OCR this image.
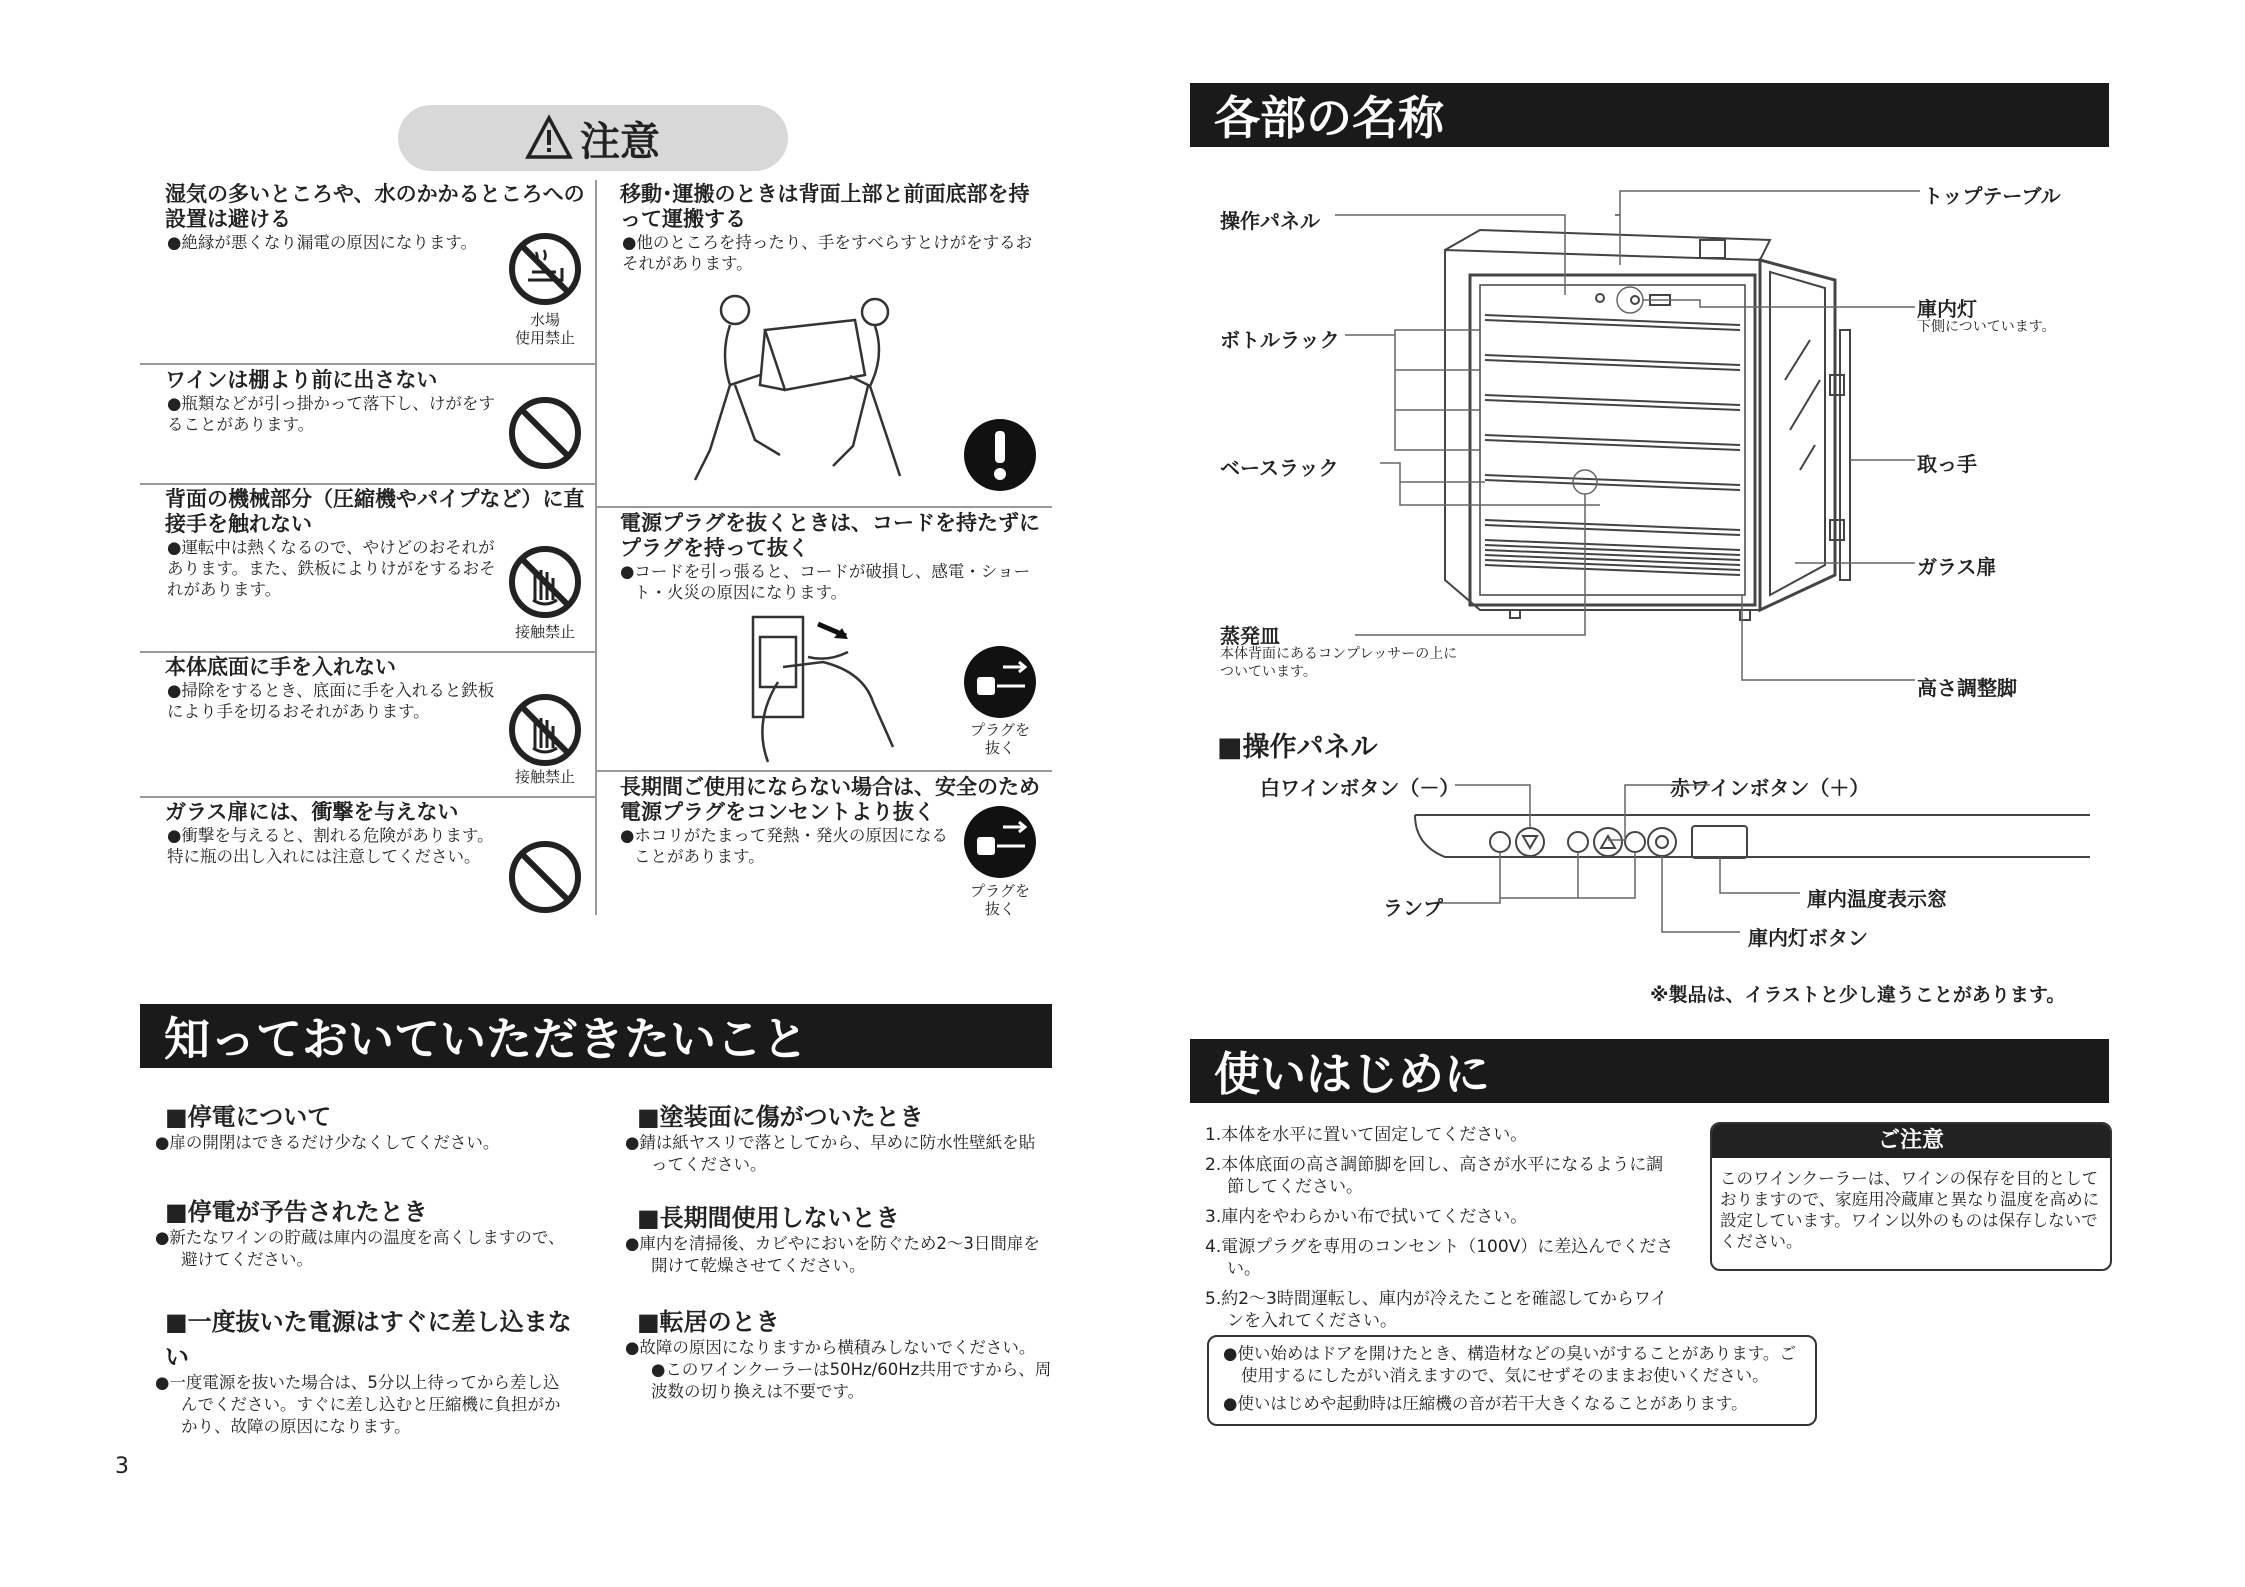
注意
湿気の多いところや、水のかかるところへの設置は避ける
●絶縁が悪くなり漏電の原因になります。
水場
使用禁止
ワインは棚より前に出さない
●瓶類などが引っ掛かって落下し、けがをすることがあります。
背面の機械部分（圧縮機やパイプなど）に直接手を触れない
●運転中は熱くなるので、やけどのおそれがあります。また、鉄板によりけがをするおそれがあります。
接触禁止
本体底面に手を入れない
●掃除をするとき、底面に手を入れると鉄板により手を切るおそれがあります。
接触禁止
ガラス扉には、衝撃を与えない
●衝撃を与えると、割れる危険があります。特に瓶の出し入れには注意してください。
移動･運搬のときは背面上部と前面底部を持って運搬する
●他のところを持ったり、手をすべらすとけがをするおそれがあります。
電源プラグを抜くときは、コードを持たずにプラグを持って抜く
●コードを引っ張ると、コードが破損し、感電・ショート・火災の原因になります。
プラグを
抜く
長期間ご使用にならない場合は、安全のため電源プラグをコンセントより抜く
●ホコリがたまって発熱・発火の原因になることがあります。
プラグを
抜く
知っておいていただきたいこと
■停電について
●扉の開閉はできるだけ少なくしてください。
■停電が予告されたとき
●新たなワインの貯蔵は庫内の温度を高くしますので、避けてください。
■一度抜いた電源はすぐに差し込まない
●一度電源を抜いた場合は、5分以上待ってから差し込んでください。すぐに差し込むと圧縮機に負担がかかり、故障の原因になります。
■塗装面に傷がついたとき
●錆は紙ヤスリで落としてから、早めに防水性壁紙を貼ってください。
■長期間使用しないとき
●庫内を清掃後、カビやにおいを防ぐため2〜3日間扉を開けて乾燥させてください。
■転居のとき
●故障の原因になりますから横積みしないでください。
●このワインクーラーは50Hz/60Hz共用ですから、周波数の切り換えは不要です。
3
各部の名称
操作パネル
トップテーブル
庫内灯
下側についています。
ボトルラック
取っ手
ベースラック
ガラス扉
蒸発皿
本体背面にあるコンプレッサーの上についています。
高さ調整脚
■操作パネル
白ワインボタン（－）	赤ワインボタン（＋）
ランプ	庫内温度表示窓
庫内灯ボタン
※製品は、イラストと少し違うことがあります。
使いはじめに
1.本体を水平に置いて固定してください。
2.本体底面の高さ調節脚を回し、高さが水平になるように調節してください。
3.庫内をやわらかい布で拭いてください。
4.電源プラグを専用のコンセント（100V）に差込んでください。
5.約2〜3時間運転し、庫内が冷えたことを確認してからワインを入れてください。
●使い始めはドアを開けたとき、構造材などの臭いがすることがあります。ご使用するにしたがい消えますので、気にせずそのままお使いください。
●使いはじめや起動時は圧縮機の音が若干大きくなることがあります。
ご注意
このワインクーラーは、ワインの保存を目的としておりますので、家庭用冷蔵庫と異なり温度を高めに設定しています。ワイン以外のものは保存しないでください。
